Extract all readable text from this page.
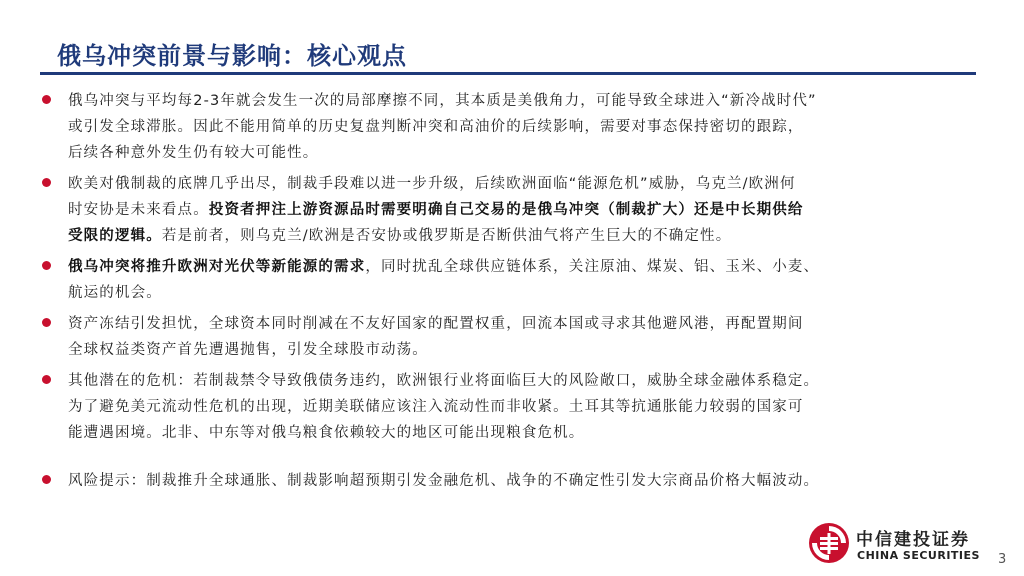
俄乌冲突前景与影响：核心观点
俄乌冲突与平均每2-3年就会发生一次的局部摩擦不同，其本质是美俄角力，可能导致全球进入“新冷战时代”
或引发全球滞胀。因此不能用简单的历史复盘判断冲突和高油价的后续影响，需要对事态保持密切的跟踪，
后续各种意外发生仍有较大可能性。
欧美对俄制裁的底牌几乎出尽，制裁手段难以进一步升级，后续欧洲面临“能源危机”威胁，乌克兰/欧洲何
时安协是未来看点。投资者押注上游资源品时需要明确自己交易的是俄乌冲突（制裁扩大）还是中长期供给
受限的逻辑。若是前者，则乌克兰/欧洲是否安协或俄罗斯是否断供油气将产生巨大的不确定性。
俄乌冲突将推升欧洲对光伏等新能源的需求，同时扰乱全球供应链体系，关注原油、煤炭、铝、玉米、小麦、
航运的机会。
资产冻结引发担忧，全球资本同时削减在不友好国家的配置权重，回流本国或寻求其他避风港，再配置期间
全球权益类资产首先遭遇抛售，引发全球股市动荡。
其他潜在的危机：若制裁禁令导致俄债务违约，欧洲银行业将面临巨大的风险敞口，威胁全球金融体系稳定。
为了避免美元流动性危机的出现，近期美联储应该注入流动性而非收紧。土耳其等抗通胀能力较弱的国家可
能遭遇困境。北非、中东等对俄乌粮食依赖较大的地区可能出现粮食危机。
风险提示：制裁推升全球通胀、制裁影响超预期引发金融危机、战争的不确定性引发大宗商品价格大幅波动。
中信建投证券
CHINA SECURITIES 3
